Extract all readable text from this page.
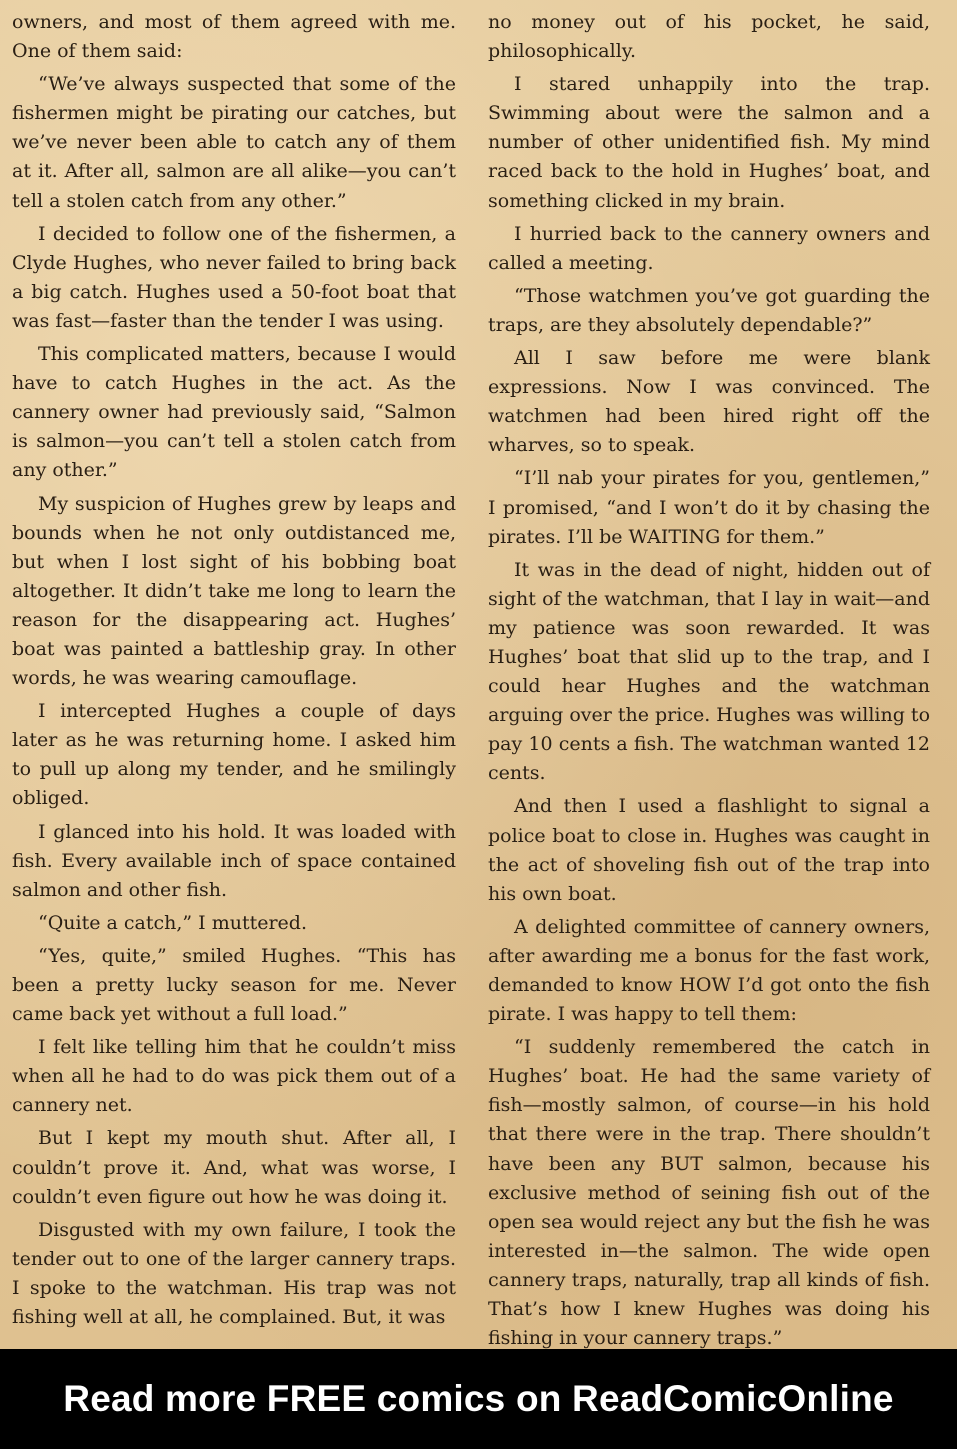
owners, and most of them agreed with me. One of them said:

“We’ve always suspected that some of the fishermen might be pirating our catches, but we’ve never been able to catch any of them at it. After all, salmon are all alike—you can’t tell a stolen catch from any other.”

I decided to follow one of the fishermen, a Clyde Hughes, who never failed to bring back a big catch. Hughes used a 50-foot boat that was fast—faster than the tender I was using.

This complicated matters, because I would have to catch Hughes in the act. As the cannery owner had previously said, “Salmon is salmon—you can’t tell a stolen catch from any other.”

My suspicion of Hughes grew by leaps and bounds when he not only outdistanced me, but when I lost sight of his bobbing boat altogether. It didn’t take me long to learn the reason for the disappearing act. Hughes’ boat was painted a battleship gray. In other words, he was wearing camouflage.

I intercepted Hughes a couple of days later as he was returning home. I asked him to pull up along my tender, and he smilingly obliged.

I glanced into his hold. It was loaded with fish. Every available inch of space contained salmon and other fish.

“Quite a catch,” I muttered.

“Yes, quite,” smiled Hughes. “This has been a pretty lucky season for me. Never came back yet without a full load.”

I felt like telling him that he couldn’t miss when all he had to do was pick them out of a cannery net.

But I kept my mouth shut. After all, I couldn’t prove it. And, what was worse, I couldn’t even figure out how he was doing it.

Disgusted with my own failure, I took the tender out to one of the larger cannery traps. I spoke to the watchman. His trap was not fishing well at all, he complained. But, it was

no money out of his pocket, he said, philosophically.

I stared unhappily into the trap. Swimming about were the salmon and a number of other unidentified fish. My mind raced back to the hold in Hughes’ boat, and something clicked in my brain.

I hurried back to the cannery owners and called a meeting.

“Those watchmen you’ve got guarding the traps, are they absolutely dependable?”

All I saw before me were blank expressions. Now I was convinced. The watchmen had been hired right off the wharves, so to speak.

“I’ll nab your pirates for you, gentlemen,” I promised, “and I won’t do it by chasing the pirates. I’ll be WAITING for them.”

It was in the dead of night, hidden out of sight of the watchman, that I lay in wait—and my patience was soon rewarded. It was Hughes’ boat that slid up to the trap, and I could hear Hughes and the watchman arguing over the price. Hughes was willing to pay 10 cents a fish. The watchman wanted 12 cents.

And then I used a flashlight to signal a police boat to close in. Hughes was caught in the act of shoveling fish out of the trap into his own boat.

A delighted committee of cannery owners, after awarding me a bonus for the fast work, demanded to know HOW I’d got onto the fish pirate. I was happy to tell them:

“I suddenly remembered the catch in Hughes’ boat. He had the same variety of fish—mostly salmon, of course—in his hold that there were in the trap. There shouldn’t have been any BUT salmon, because his exclusive method of seining fish out of the open sea would reject any but the fish he was interested in—the salmon. The wide open cannery traps, naturally, trap all kinds of fish. That’s how I knew Hughes was doing his fishing in your cannery traps.”

Read more FREE comics on ReadComicOnline
